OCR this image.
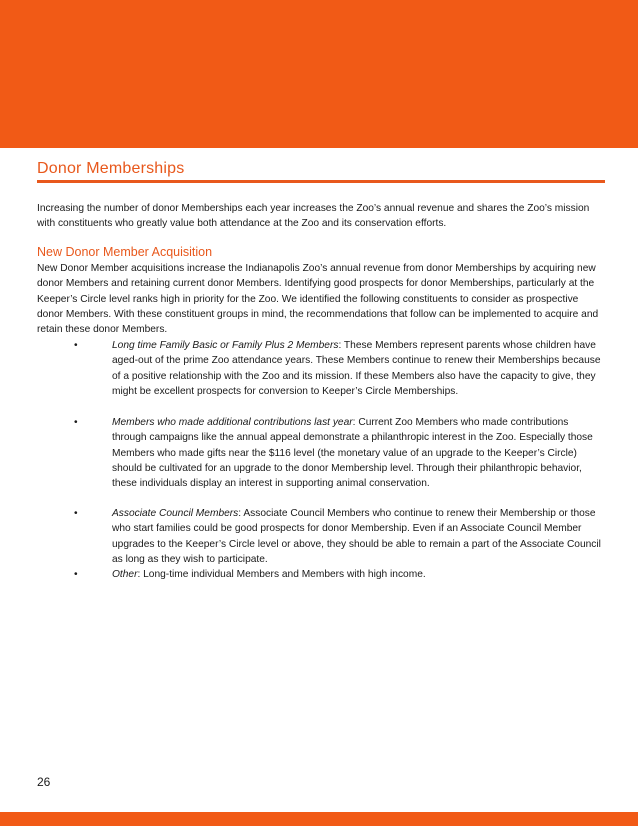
Donor Memberships

Increasing the number of donor Memberships each year increases the Zoo’s annual revenue and shares the Zoo’s mission with constituents who greatly value both attendance at the Zoo and its conservation efforts.

New Donor Member Acquisition

New Donor Member acquisitions increase the Indianapolis Zoo’s annual revenue from donor Memberships by acquiring new donor Members and retaining current donor Members. Identifying good prospects for donor Memberships, particularly at the Keeper’s Circle level ranks high in priority for the Zoo. We identified the following constituents to consider as prospective donor Members. With these constituent groups in mind, the recommendations that follow can be implemented to acquire and retain these donor Members.

•	Long time Family Basic or Family Plus 2 Members: These Members represent parents whose children have aged-out of the prime Zoo attendance years. These Members continue to renew their Memberships because of a positive relationship with the Zoo and its mission. If these Members also have the capacity to give, they might be excellent prospects for conversion to Keeper’s Circle Memberships.
•	Members who made additional contributions last year: Current Zoo Members who made contributions through campaigns like the annual appeal demonstrate a philanthropic interest in the Zoo. Especially those Members who made gifts near the $116 level (the monetary value of an upgrade to the Keeper’s Circle) should be cultivated for an upgrade to the donor Membership level. Through their philanthropic behavior, these individuals display an interest in supporting animal conservation.
•	Associate Council Members: Associate Council Members who continue to renew their Membership or those who start families could be good prospects for donor Membership. Even if an Associate Council Member upgrades to the Keeper’s Circle level or above, they should be able to remain a part of the Associate Council as long as they wish to participate.
•	Other: Long-time individual Members and Members with high income.

26
